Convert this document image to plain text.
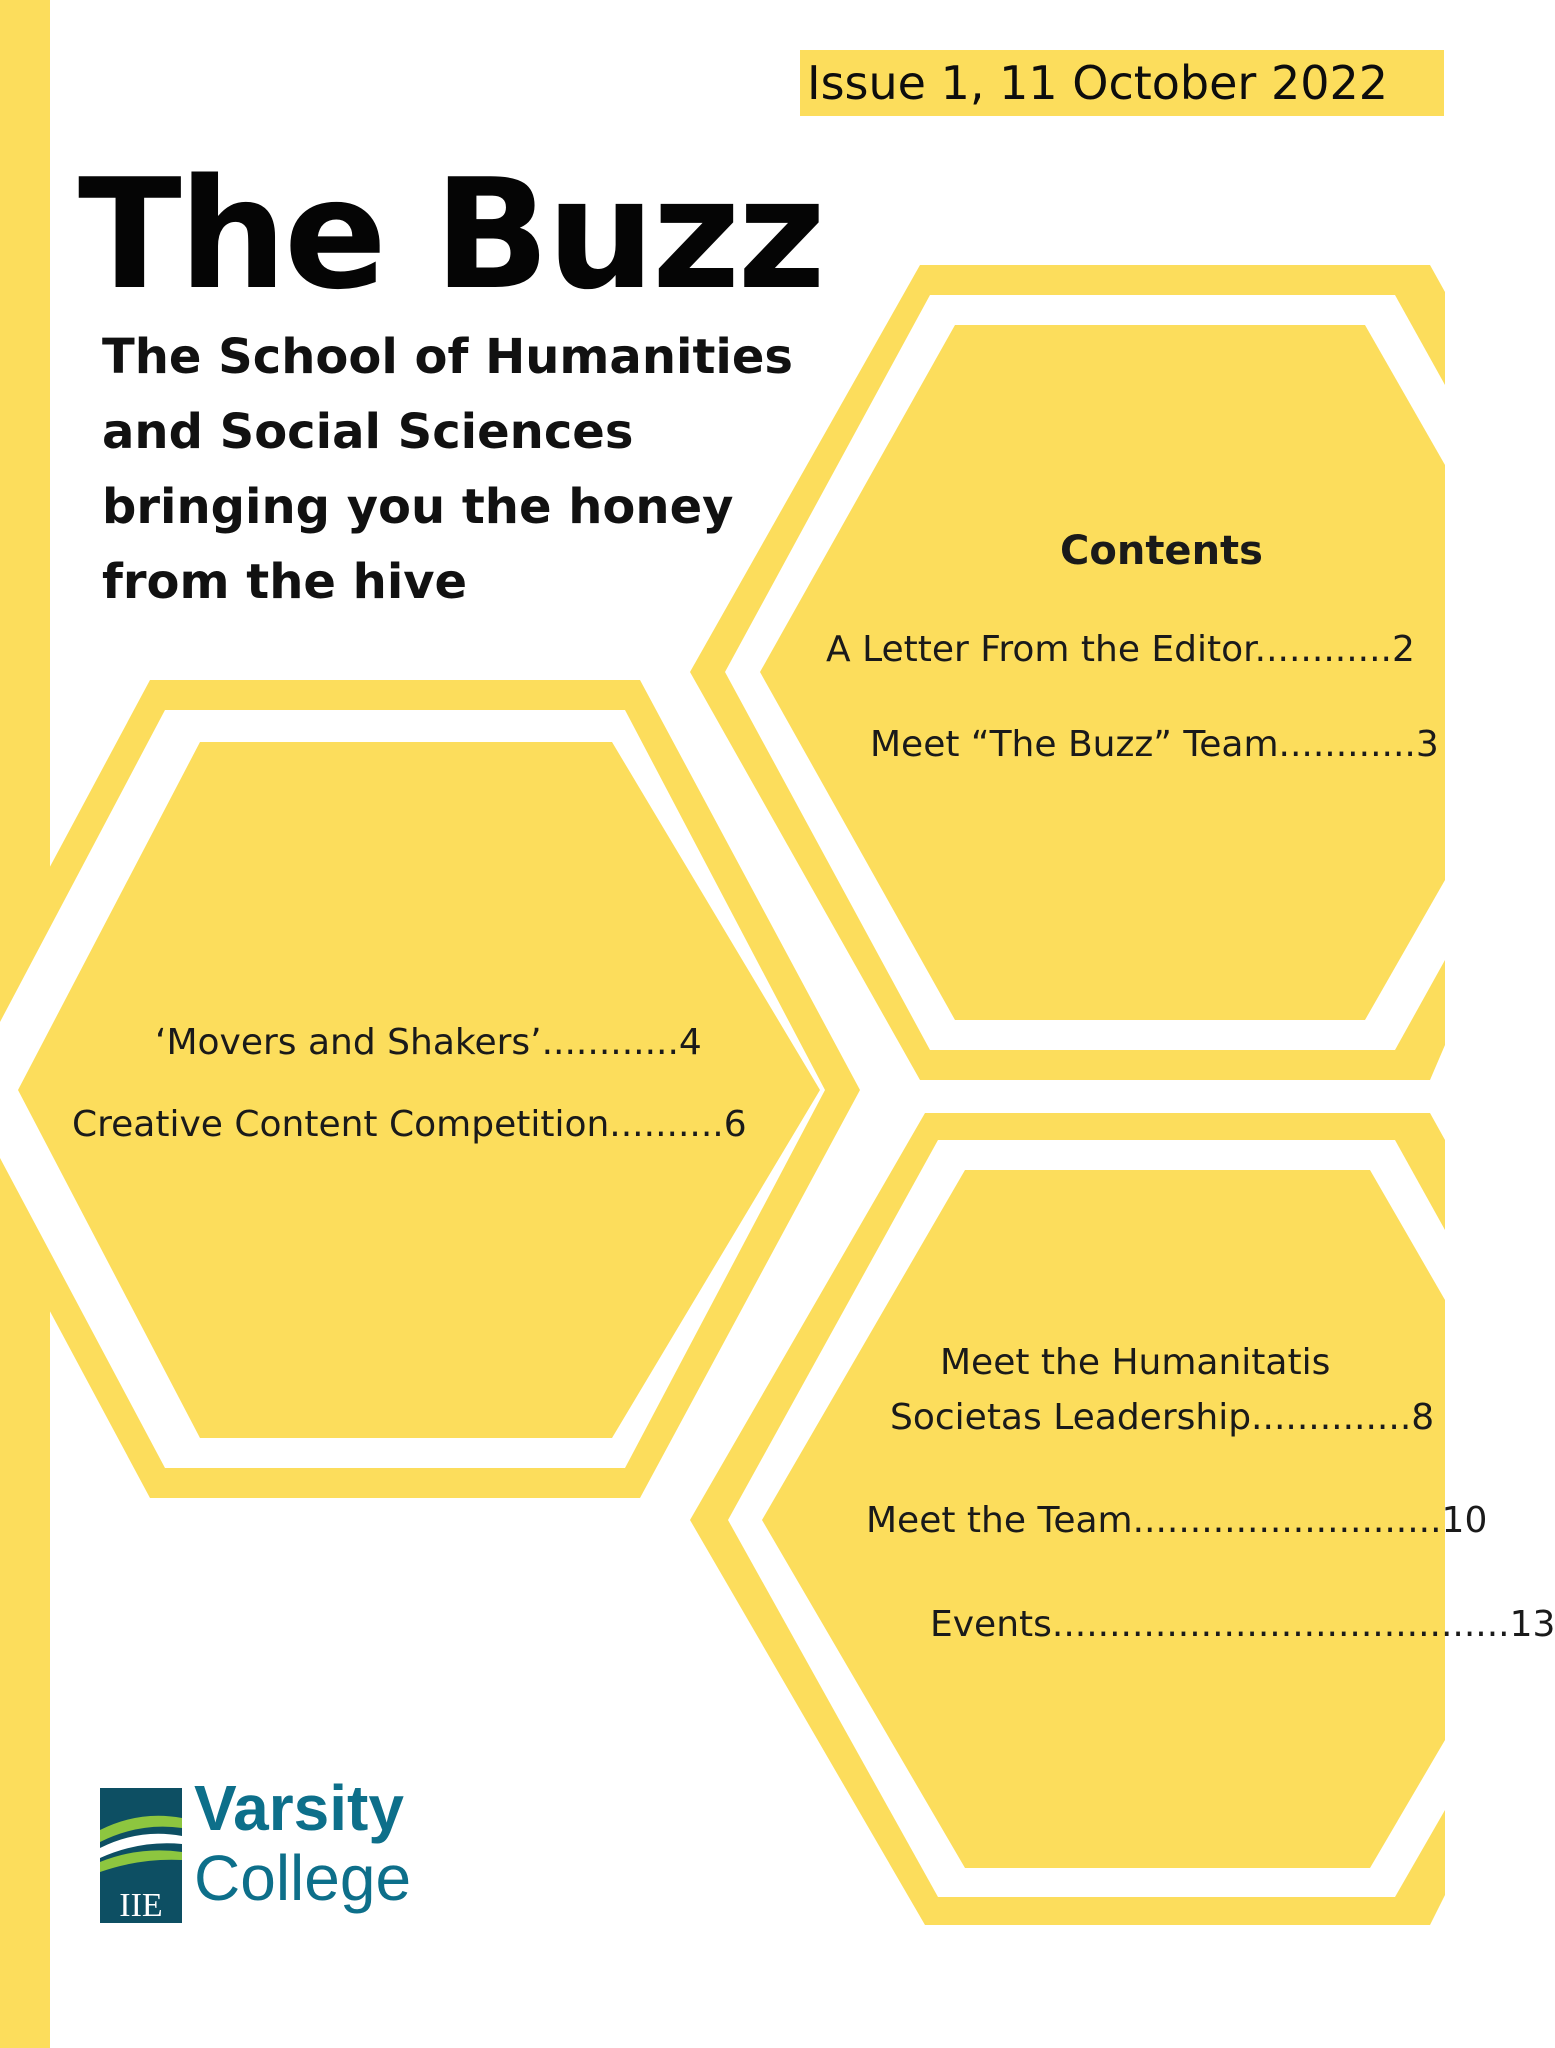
Issue 1, 11 October 2022
The Buzz

The School of Humanities and Social Sciences bringing you the honey from the hive

Contents
A Letter From the Editor............2
Meet “The Buzz” Team............3
‘Movers and Shakers’............4
Creative Content Competition..........6
Meet the Humanitatis
Societas Leadership..............8
Meet the Team...........................10
Events........................................13
IIE

Varsity

College
